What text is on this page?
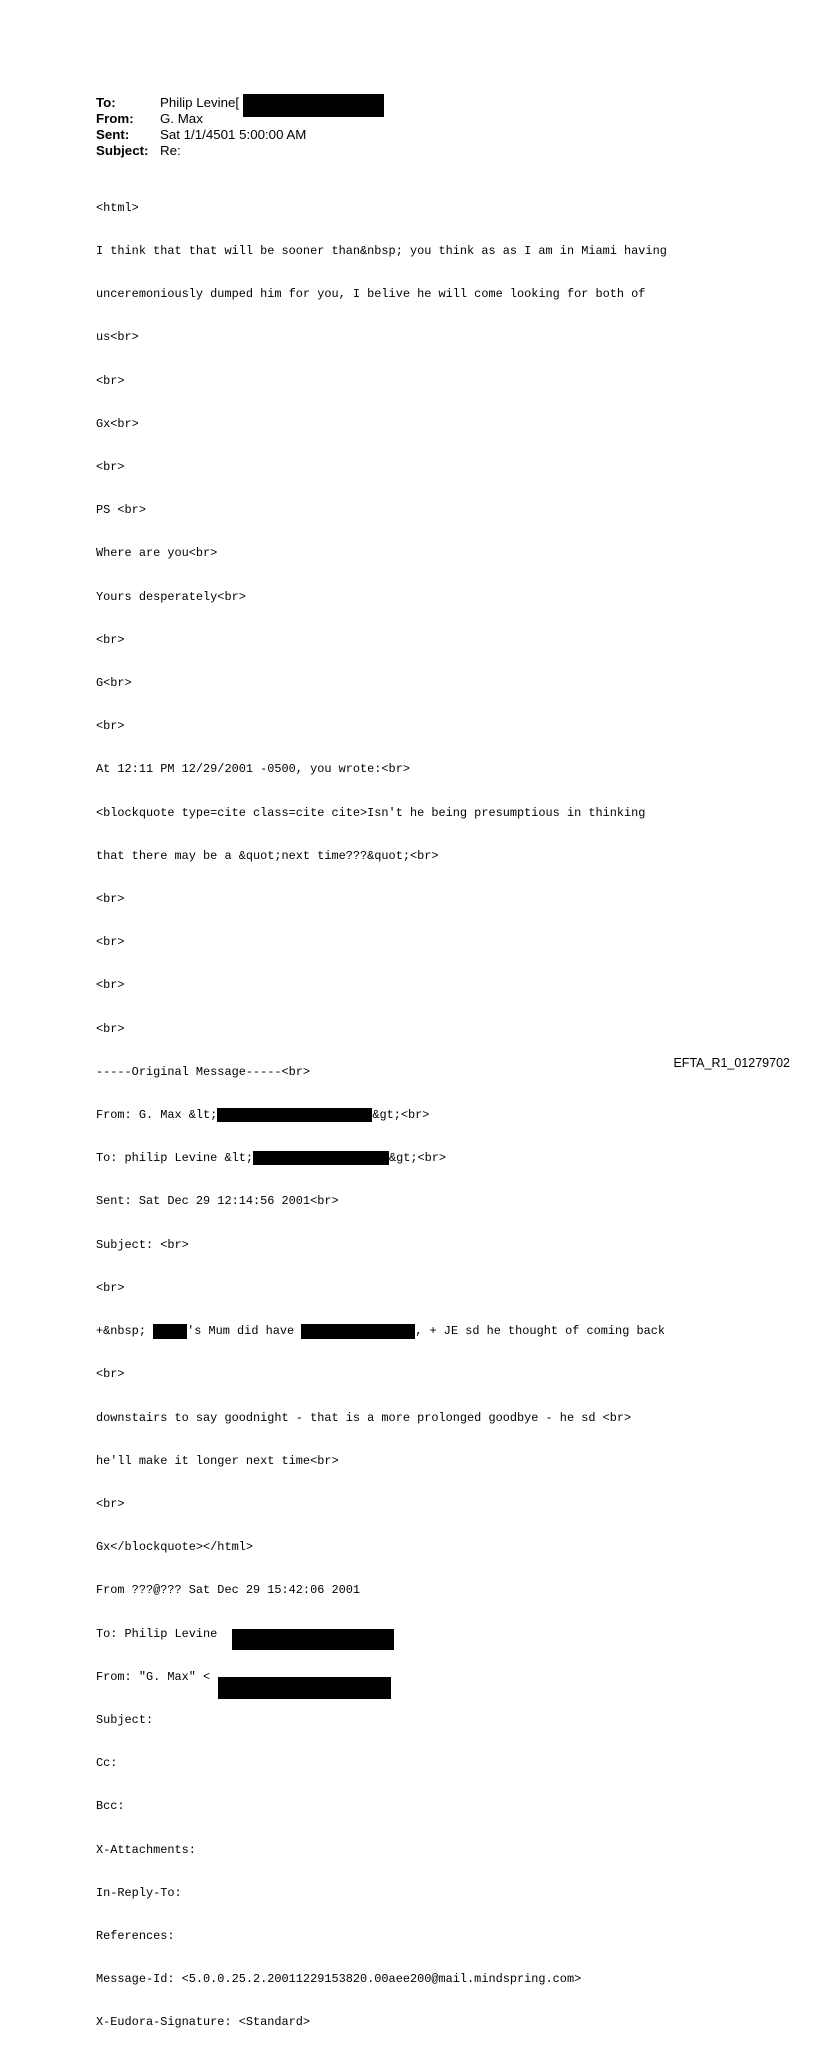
To:	Philip Levine[
From:	G. Max
Sent:	Sat 1/1/4501 5:00:00 AM
Subject: Re:

<html>

I think that that will be sooner than&nbsp; you think as as I am in Miami having

unceremoniously dumped him for you, I belive he will come looking for both of

us<br>

<br>

Gx<br>

<br>

PS <br>

Where are you<br>

Yours desperately<br>

<br>

G<br>

<br>

At 12:11 PM 12/29/2001 -0500, you wrote:<br>

<blockquote type=cite class=cite cite>Isn't he being presumptious in thinking

that there may be a &quot;next time???&quot;<br>

<br>

<br>

<br>

<br>

-----Original Message-----<br>

From: G. Max &lt;	&gt;<br>

To: philip Levine &lt;	&gt;<br>

Sent: Sat Dec 29 12:14:56 2001<br>

Subject: <br>

<br>

+&nbsp;	's Mum did have	, + JE sd he thought of coming back

<br>

downstairs to say goodnight - that is a more prolonged goodbye - he sd <br>

he'll make it longer next time<br>

<br>

Gx</blockquote></html>

From ???@??? Sat Dec 29 15:42:06 2001

To: Philip Levine

From: "G. Max" <

Subject:

Cc:

Bcc:

X-Attachments:

In-Reply-To:

References:

Message-Id: <5.0.0.25.2.20011229153820.00aee200@mail.mindspring.com>

X-Eudora-Signature: <Standard>

EFTA_R1_01279702
